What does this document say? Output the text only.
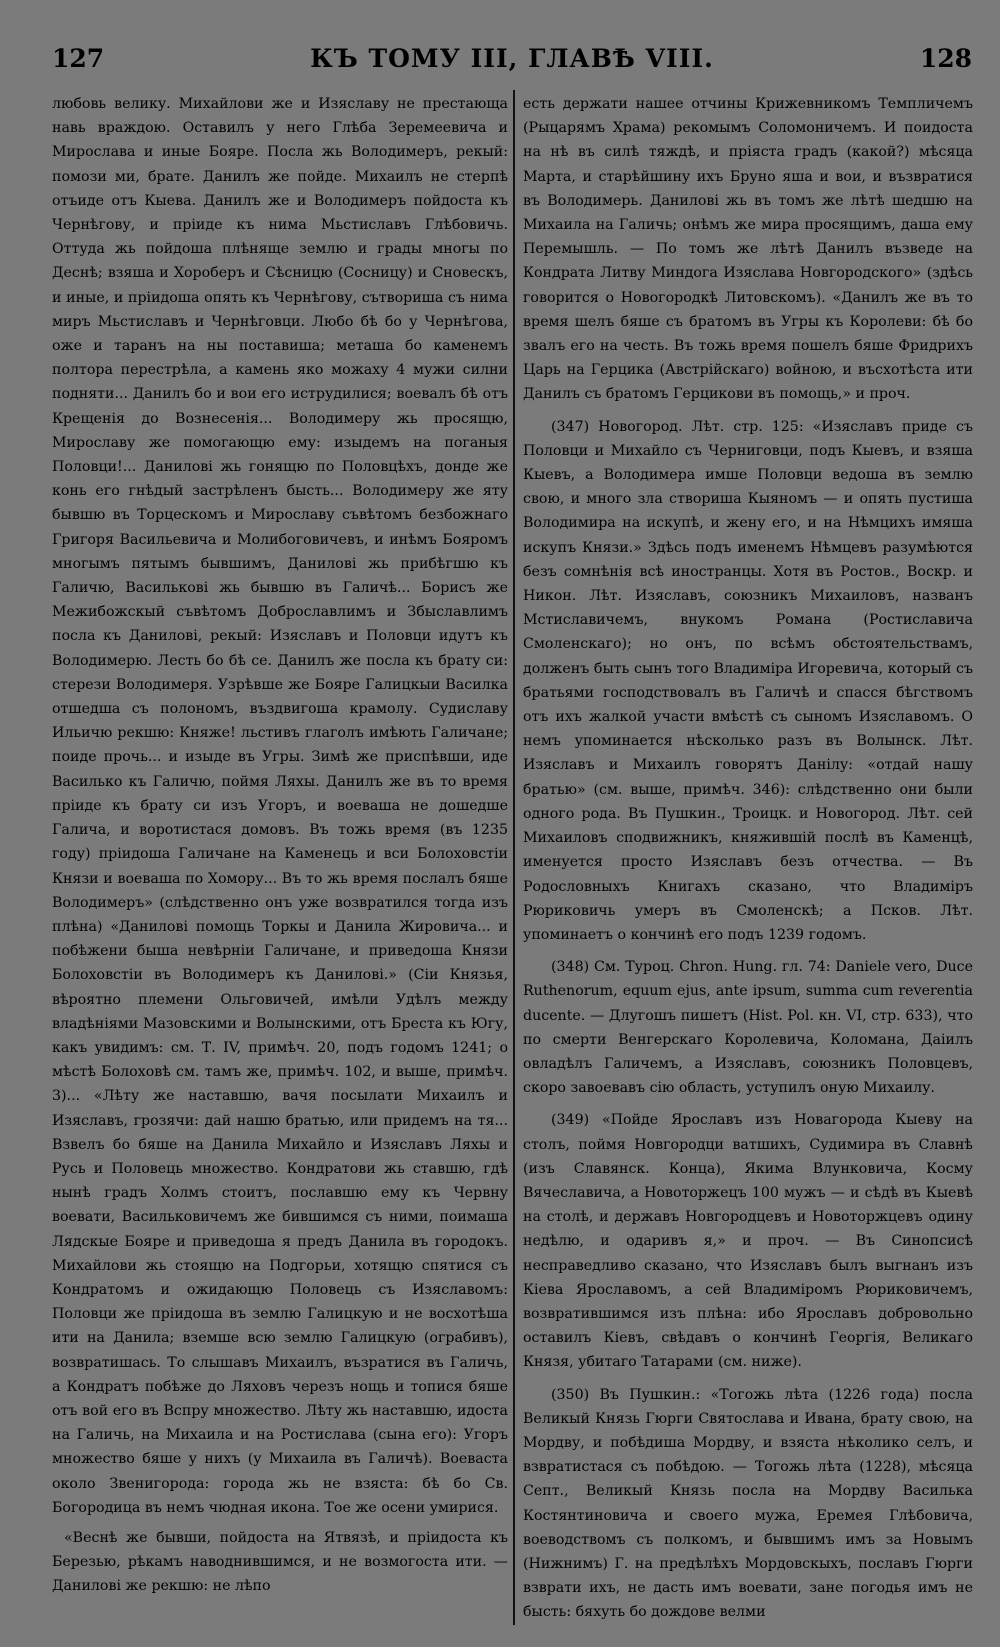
127	КЪ ТОМУ III, ГЛАВѢ VIII.	128

любовь велику. Михайлови же и Изяславу не престающа навь враждою. Оставилъ у него Глѣба Зеремеевича и Мирослава и иные Бояре. Посла жь Володимеръ, рекый: помози ми, брате. Данилъ же пойде. Михаилъ не стерпѣ отъиде отъ Кыева. Данилъ же и Володимеръ пойдоста къ Чернѣгову, и прiиде къ нима Мьстиславъ Глѣбовичь. Оттуда жь пойдоша плѣняще землю и грады многы по Деснѣ; взяша и Хороберъ и Сѣсницю (Сосницу) и Сновескъ, и иные, и прiидоша опять къ Чернѣгову, сътвориша съ нима миръ Мьстиславъ и Чернѣговци. Любо бѣ бо у Чернѣгова, оже и таранъ на ны поставиша; меташа бо каменемъ полтора перестрѣла, а камень яко можаху 4 мужи силни подняти... Данилъ бо и вои его иструдилися; воевалъ бѣ отъ Крещенiя до Вознесенiя... Володимеру жь просящю, Мирославу же помогающю ему: изыдемъ на поганыя Половци!... Даниловi жь гонящю по Половцѣхъ, донде же конь его гнѣдый застрѣленъ бысть... Володимеру же яту бывшю въ Торцескомъ и Мирославу съвѣтомъ безбожнаго Григоря Васильевича и Молибоговичевъ, и инѣмъ Бояромъ многымъ пятымъ бывшимъ, Даниловi жь прибѣгшю къ Галичю, Васильковi жь бывшю въ Галичѣ... Борисъ же Межибожскый съвѣтомъ Доброславлимъ и Збыславлимъ посла къ Даниловi, рекый: Изяславъ и Половци идутъ къ Володимерю. Лесть бо бѣ се. Данилъ же посла къ брату си: стерези Володимеря. Узрѣвше же Бояре Галицкыи Василка отшедша съ полономъ, въздвигоша крамолу. Судиславу Ильичю рекшю: Княже! льстивъ глаголъ имѣють Галичане; поиде прочь... и изыде въ Угры. Зимѣ же приспѣвши, иде Василько къ Галичю, поймя Ляхы. Данилъ же въ то время прiиде къ брату си изъ Угоръ, и воеваша не дошедше Галича, и воротистася домовъ. Въ тожь время (въ 1235 году) прiидоша Галичане на Каменець и вси Болоховстiи Князи и воеваша по Хомору... Въ то жь время послалъ бяше Володимеръ» (слѣдственно онъ уже возвратился тогда изъ плѣна) «Даниловi помощь Торкы и Данила Жировича... и побѣжени быша невѣрнiи Галичане, и приведоша Князи Болоховстiи въ Володимеръ къ Даниловi.» (Сiи Князья, вѣроятно племени Ольговичей, имѣли Удѣлъ между владѣнiями Мазовскими и Волынскими, отъ Бреста къ Югу, какъ увидимъ: см. Т. IV, примѣч. 20, подъ годомъ 1241; о мѣстѣ Болоховѣ см. тамъ же, примѣч. 102, и выше, примѣч. 3)... «Лѣту же наставшю, вачя посылати Михаилъ и Изяславъ, грозячи: дай нашю братью, или придемъ на тя... Взвелъ бо бяше на Данила Михайло и Изяславъ Ляхы и Русь и Половець множество. Кондратови жь ставшю, гдѣ нынѣ градъ Холмъ стоитъ, пославшю ему къ Червну воевати, Васильковичемъ же бившимся съ ними, поимаша Лядскые Бояре и приведоша я предъ Данила въ городокъ. Михайлови жь стоящю на Подгорьи, хотящю спятися съ Кондратомъ и ожидающю Половець съ Изяславомъ: Половци же прiидоша въ землю Галицкую и не восхотѣша ити на Данила; вземше всю землю Галицкую (ограбивъ), возвратишась. То слышавъ Михаилъ, възратися въ Галичь, а Кондратъ побѣже до Ляховъ черезъ нощь и топися бяше отъ вой его въ Вспру множество. Лѣту жь наставшю, идоста на Галичь, на Михаила и на Ростислава (сына его): Угоръ множество бяше у нихъ (у Михаила въ Галичѣ). Воеваста около Звенигорода: города жь не взяста: бѣ бо Св. Богородица въ немъ чюдная икона. Тое же осени умирися.

«Веснѣ же бывши, пойдоста на Ятвязѣ, и прiидоста къ Березью, рѣкамъ наводнившимся, и не возмогоста ити. — Даниловi же рекшю: не лѣпо

есть держати нашее отчины Крижевникомъ Темпличемъ (Рыцарямъ Храма) рекомымъ Соломоничемъ. И поидоста на нѣ въ силѣ тяждѣ, и прiяста градъ (какой?) мѣсяца Марта, и старѣйшину ихъ Бруно яша и вои, и възвратися въ Володимерь. Даниловi жь въ томъ же лѣтѣ шедшю на Михаила на Галичь; онѣмъ же мира просящимъ, даша ему Перемышль. — По томъ же лѣтѣ Данилъ възведе на Кондрата Литву Миндога Изяслава Новгородского» (здѣсь говорится о Новогородкѣ Литовскомъ). «Данилъ же въ то время шелъ бяше съ братомъ въ Угры къ Королеви: бѣ бо звалъ его на честь. Въ тожь время пошелъ бяше Фридрихъ Царь на Герцика (Австрiйскаго) войною, и въсхотѣста ити Данилъ съ братомъ Герцикови въ помощь,» и проч.

(347) Новогород. Лѣт. стр. 125: «Изяславъ приде съ Половци и Михайло съ Черниговци, подъ Кыевъ, и взяша Кыевъ, а Володимера имше Половци ведоша въ землю свою, и много зла створиша Кыяномъ — и опять пустиша Володимира на искупѣ, и жену его, и на Нѣмцихъ имяша искупъ Князи.» Здѣсь подъ именемъ Нѣмцевъ разумѣются безъ сомнѣнiя всѣ иностранцы. Хотя въ Ростов., Воскр. и Никон. Лѣт. Изяславъ, союзникъ Михаиловъ, названъ Мстиславичемъ, внукомъ Романа (Ростиславича Смоленскаго); но онъ, по всѣмъ обстоятельствамъ, долженъ быть сынъ того Владимiра Игоревича, который съ братьями господствовалъ въ Галичѣ и спасся бѣгствомъ отъ ихъ жалкой участи вмѣстѣ съ сыномъ Изяславомъ. О немъ упоминается нѣсколько разъ въ Волынск. Лѣт. Изяславъ и Михаилъ говорятъ Данiлу: «отдай нашу братью» (см. выше, примѣч. 346): слѣдственно они были одного рода. Въ Пушкин., Троицк. и Новогород. Лѣт. сей Михаиловъ сподвижникъ, княжившiй послѣ въ Каменцѣ, именуется просто Изяславъ безъ отчества. — Въ Родословныхъ Книгахъ сказано, что Владимiръ Рюриковичь умеръ въ Смоленскѣ; а Псков. Лѣт. упоминаетъ о кончинѣ его подъ 1239 годомъ.

(348) См. Туроц. Chron. Hung. гл. 74: Daniele vero, Duce Ruthenorum, equum ejus, ante ipsum, summa cum reverentia ducente. — Длугошъ пишетъ (Hist. Pol. кн. VI, стр. 633), что по смерти Венгерскаго Королевича, Коломана, Даiилъ овладѣлъ Галичемъ, а Изяславъ, союзникъ Половцевъ, скоро завоевавъ сiю область, уступилъ оную Михаилу.

(349) «Пойде Ярославъ изъ Новагорода Кыеву на столъ, поймя Новгородци ватшихъ, Судимира въ Славнѣ (изъ Славянск. Конца), Якима Влунковича, Косму Вячеславича, а Новоторжецъ 100 мужъ — и сѣдѣ въ Кыевѣ на столѣ, и державъ Новгородцевъ и Новоторжцевъ одину недѣлю, и одаривъ я,» и проч. — Въ Синопсисѣ несправедливо сказано, что Изяславъ былъ выгнанъ изъ Кiева Ярославомъ, а сей Владимiромъ Рюриковичемъ, возвратившимся изъ плѣна: ибо Ярославъ добровольно оставилъ Кiевъ, свѣдавъ о кончинѣ Георгiя, Великаго Князя, убитаго Татарами (см. ниже).

(350) Въ Пушкин.: «Тогожь лѣта (1226 года) посла Великый Князь Гюрги Святослава и Ивана, брату свою, на Мордву, и побѣдиша Мордву, и взяста нѣколико селъ, и взвратистася съ побѣдою. — Тогожь лѣта (1228), мѣсяца Септ., Великый Князь посла на Мордву Василька Костянтиновича и своего мужа, Еремея Глѣбовича, воеводствомъ съ полкомъ, и бывшимъ имъ за Новымъ (Нижнимъ) Г. на предѣлѣхъ Мордовскыхъ, пославъ Гюрги взврати ихъ, не дасть имъ воевати, зане погодья имъ не бысть: бяхуть бо дождове велми
